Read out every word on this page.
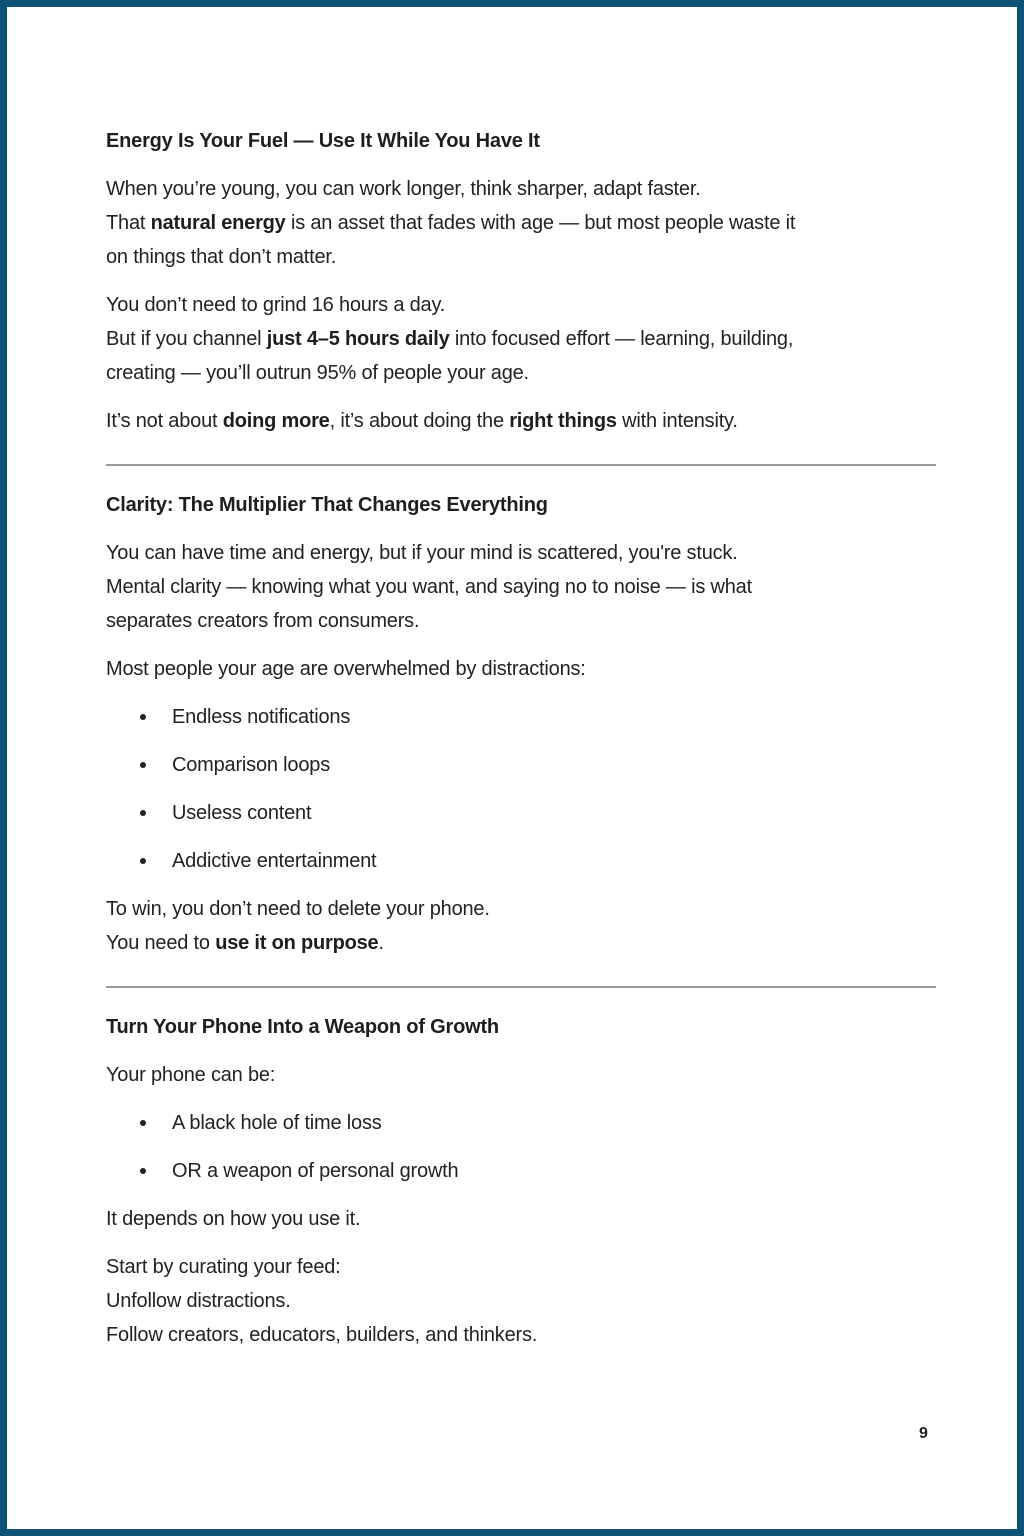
Energy Is Your Fuel — Use It While You Have It
When you’re young, you can work longer, think sharper, adapt faster.
That natural energy is an asset that fades with age — but most people waste it
on things that don’t matter.
You don’t need to grind 16 hours a day.
But if you channel just 4–5 hours daily into focused effort — learning, building,
creating — you’ll outrun 95% of people your age.
It’s not about doing more, it’s about doing the right things with intensity.
Clarity: The Multiplier That Changes Everything
You can have time and energy, but if your mind is scattered, you're stuck.
Mental clarity — knowing what you want, and saying no to noise — is what
separates creators from consumers.
Most people your age are overwhelmed by distractions:
Endless notifications
Comparison loops
Useless content
Addictive entertainment
To win, you don’t need to delete your phone.
You need to use it on purpose.
Turn Your Phone Into a Weapon of Growth
Your phone can be:
A black hole of time loss
OR a weapon of personal growth
It depends on how you use it.
Start by curating your feed:
Unfollow distractions.
Follow creators, educators, builders, and thinkers.
9
